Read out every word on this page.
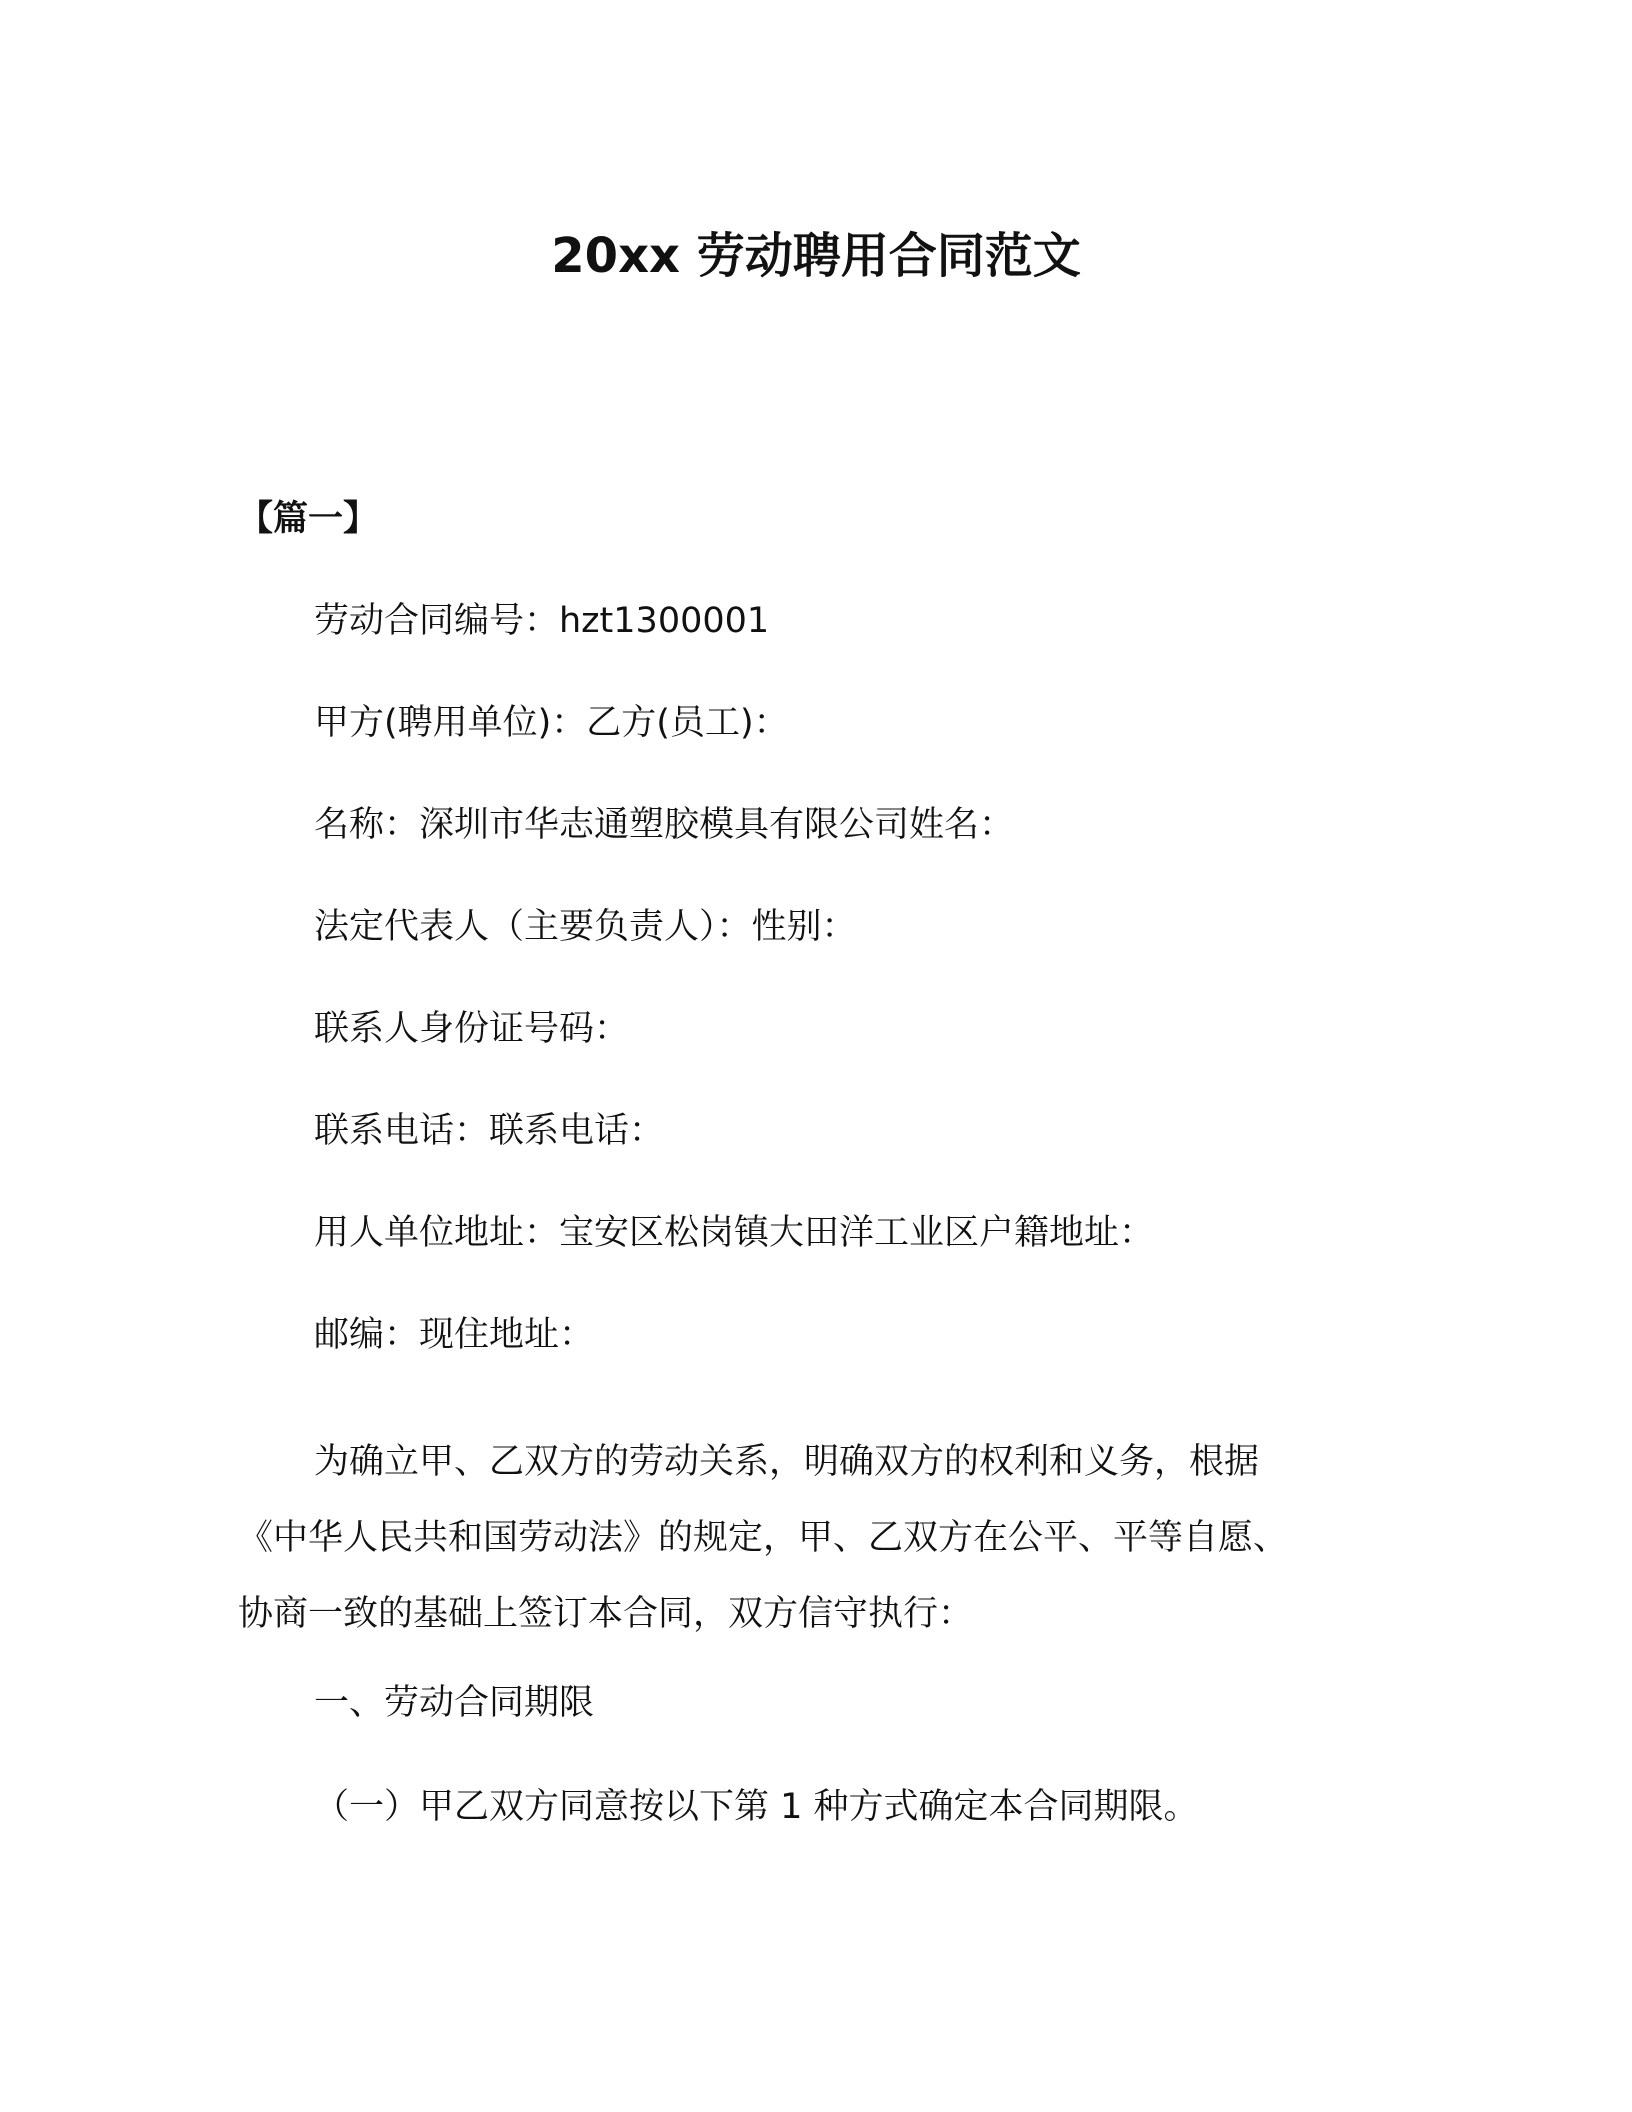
20xx 劳动聘用合同范文
【篇一】
劳动合同编号：hzt1300001
甲方(聘用单位)：乙方(员工)：
名称：深圳市华志通塑胶模具有限公司姓名：
法定代表人（主要负责人）：性别：
联系人身份证号码：
联系电话：联系电话：
用人单位地址：宝安区松岗镇大田洋工业区户籍地址：
邮编：现住地址：
为确立甲、乙双方的劳动关系，明确双方的权利和义务，根据
《中华人民共和国劳动法》的规定，甲、乙双方在公平、平等自愿、
协商一致的基础上签订本合同，双方信守执行：
一、劳动合同期限
（一）甲乙双方同意按以下第 1 种方式确定本合同期限。
